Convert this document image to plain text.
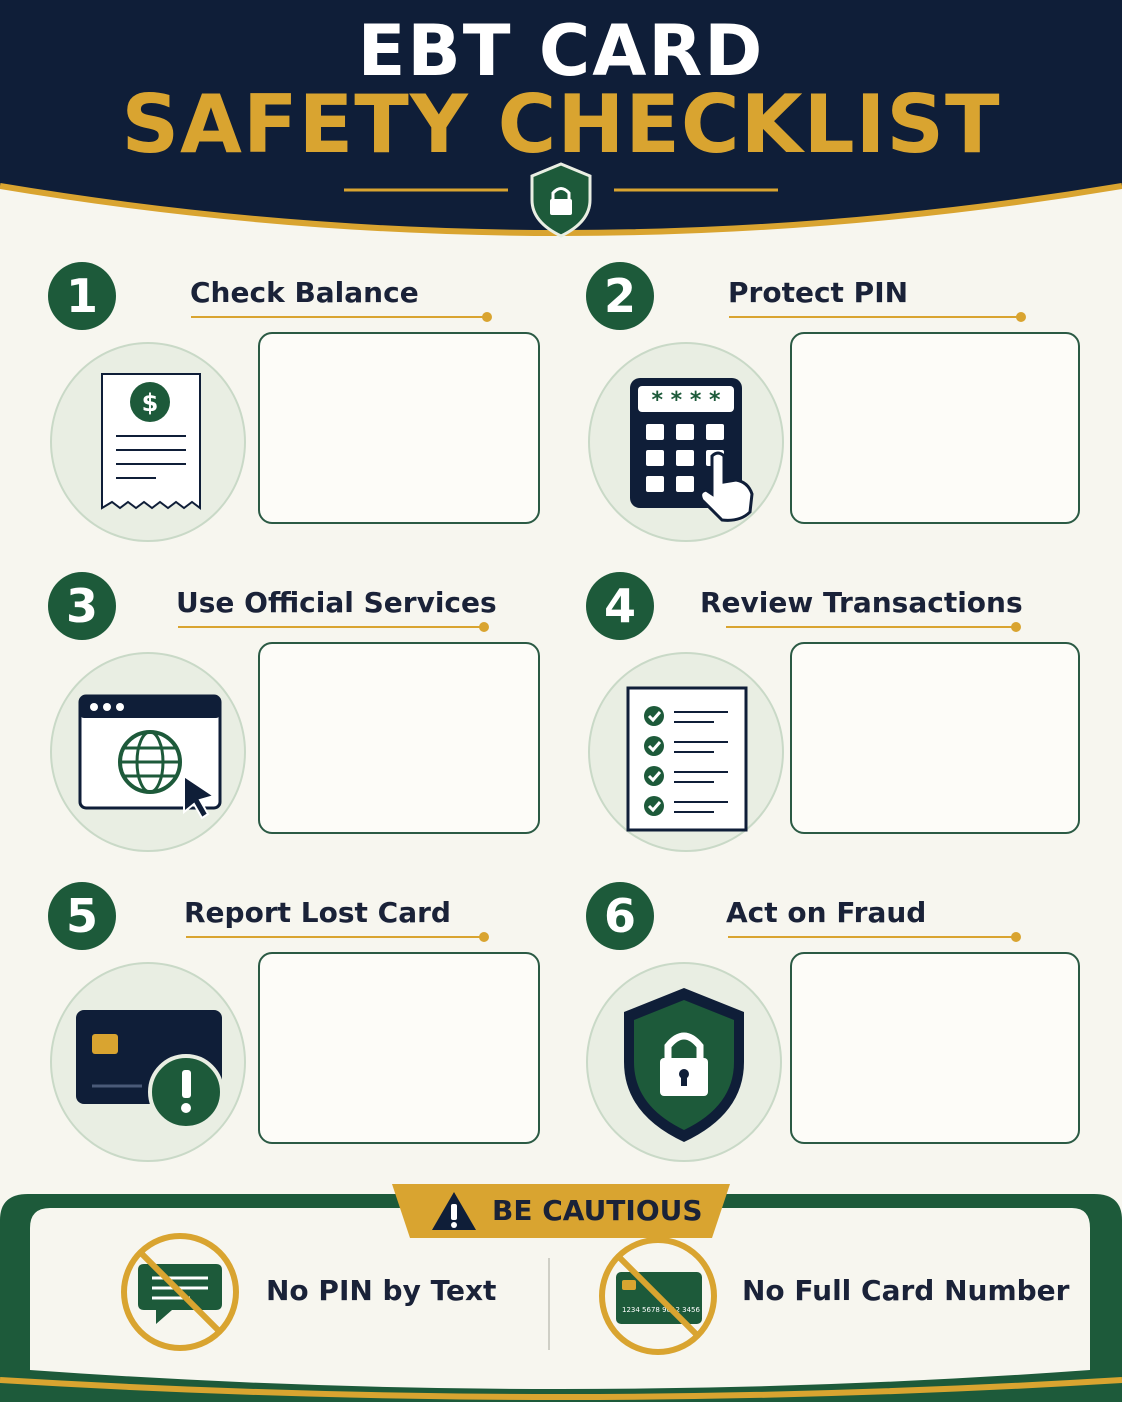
EBT CARD
SAFETY CHECKLIST
1	Check Balance
$
2	Protect PIN
* * * *
3	Use Official Services	4	Review Transactions
5	Report Lost Card	6	Act on Fraud
1234 5678 9012 3456
BE CAUTIOUS
No PIN by Text	No Full Card Number
